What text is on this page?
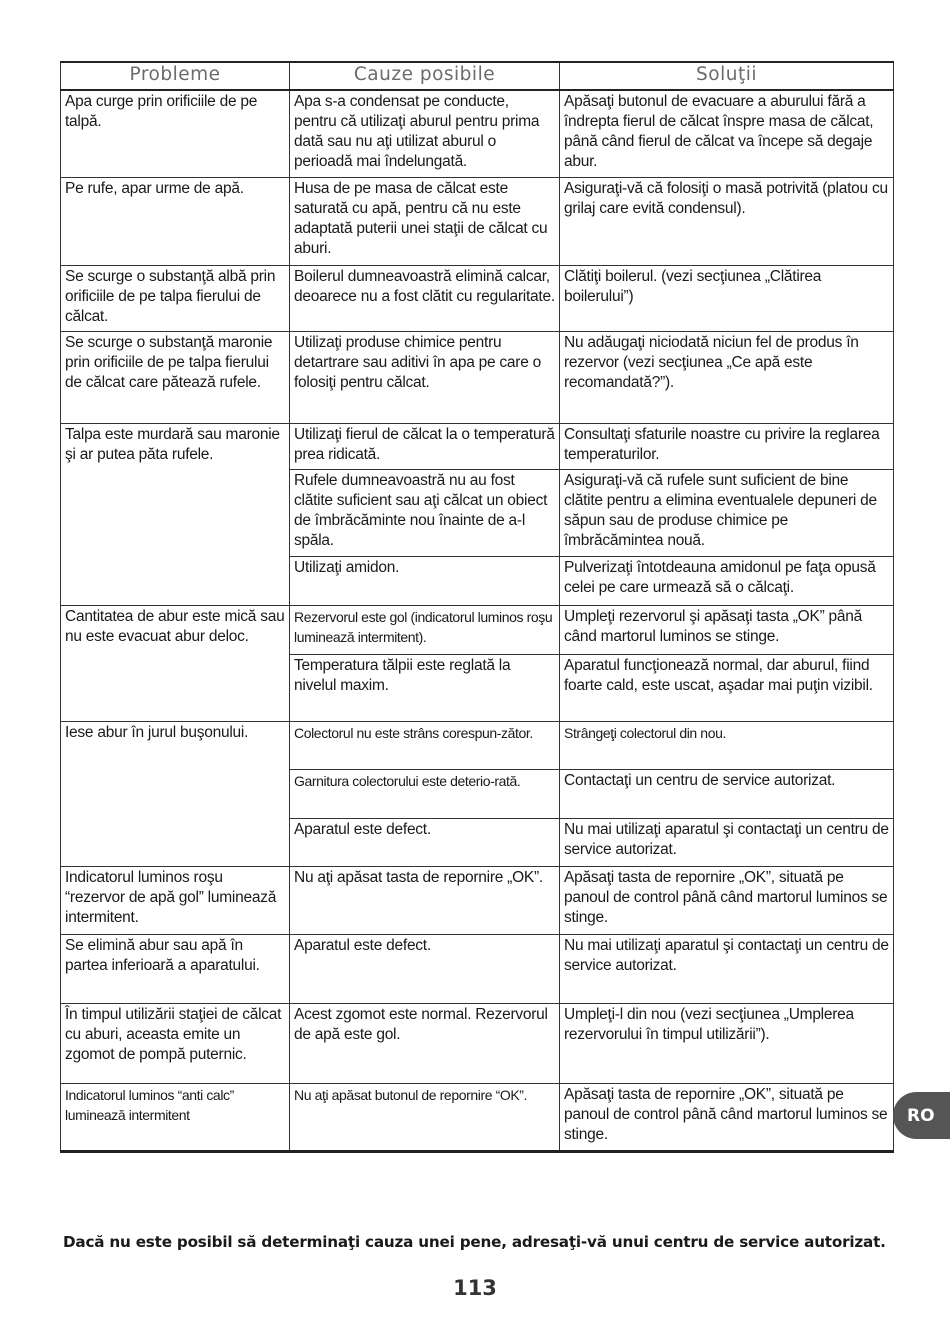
Probleme	Cauze posibile	Soluţii
Apa curge prin orificiile de pe talpă.	Apa s-a condensat pe conducte, pentru că utilizaţi aburul pentru prima dată sau nu aţi utilizat aburul o perioadă mai îndelungată.	Apăsaţi butonul de evacuare a aburului fără a îndrepta fierul de călcat înspre masa de călcat, până când fierul de călcat va începe să degaje abur.
Pe rufe, apar urme de apă.	Husa de pe masa de călcat este saturată cu apă, pentru că nu este adaptată puterii unei staţii de călcat cu aburi.	Asiguraţi-vă că folosiţi o masă potrivită (platou cu grilaj care evită condensul).
Se scurge o substanţă albă prin orificiile de pe talpa fierului de călcat.	Boilerul dumneavoastră elimină calcar, deoarece nu a fost clătit cu regularitate.	Clătiţi boilerul. (vezi secţiunea „Clătirea boilerului”)
Se scurge o substanţă maronie prin orificiile de pe talpa fierului de călcat care pătează rufele.	Utilizaţi produse chimice pentru detartrare sau aditivi în apa pe care o folosiţi pentru călcat.	Nu adăugaţi niciodată niciun fel de produs în rezervor (vezi secţiunea „Ce apă este recomandată?”).
Talpa este murdară sau maronie şi ar putea păta rufele.	Utilizaţi fierul de călcat la o temperatură prea ridicată.	Consultaţi sfaturile noastre cu privire la reglarea temperaturilor.
	Rufele dumneavoastră nu au fost clătite suficient sau aţi călcat un obiect de îmbrăcăminte nou înainte de a-l spăla.	Asiguraţi-vă că rufele sunt suficient de bine clătite pentru a elimina eventualele depuneri de săpun sau de produse chimice pe îmbrăcămintea nouă.
	Utilizaţi amidon.	Pulverizaţi întotdeauna amidonul pe faţa opusă celei pe care urmează să o călcaţi.
Cantitatea de abur este mică sau nu este evacuat abur deloc.	Rezervorul este gol (indicatorul luminos roşu luminează intermitent).	Umpleţi rezervorul şi apăsaţi tasta „OK” până când martorul luminos se stinge.
	Temperatura tălpii este reglată la nivelul maxim.	Aparatul funcţionează normal, dar aburul, fiind foarte cald, este uscat, aşadar mai puţin vizibil.
Iese abur în jurul buşonului.	Colectorul nu este strâns corespun-zător.	Strângeţi colectorul din nou.
	Garnitura colectorului este deterio-rată.	Contactaţi un centru de service autorizat.
	Aparatul este defect.	Nu mai utilizaţi aparatul şi contactaţi un centru de service autorizat.
Indicatorul luminos roşu “rezervor de apă gol” luminează intermitent.	Nu aţi apăsat tasta de repornire „OK”.	Apăsaţi tasta de repornire „OK”, situată pe panoul de control până când martorul luminos se stinge.
Se elimină abur sau apă în partea inferioară a aparatului.	Aparatul este defect.	Nu mai utilizaţi aparatul şi contactaţi un centru de service autorizat.
În timpul utilizării staţiei de călcat cu aburi, aceasta emite un zgomot de pompă puternic.	Acest zgomot este normal. Rezervorul de apă este gol.	Umpleţi-l din nou (vezi secţiunea „Umplerea rezervorului în timpul utilizării”).
Indicatorul luminos “anti calc” luminează intermitent	Nu aţi apăsat butonul de repornire “OK”.	Apăsaţi tasta de repornire „OK”, situată pe panoul de control până când martorul luminos se stinge.
RO
Dacă nu este posibil să determinaţi cauza unei pene, adresaţi-vă unui centru de service autorizat.
113
